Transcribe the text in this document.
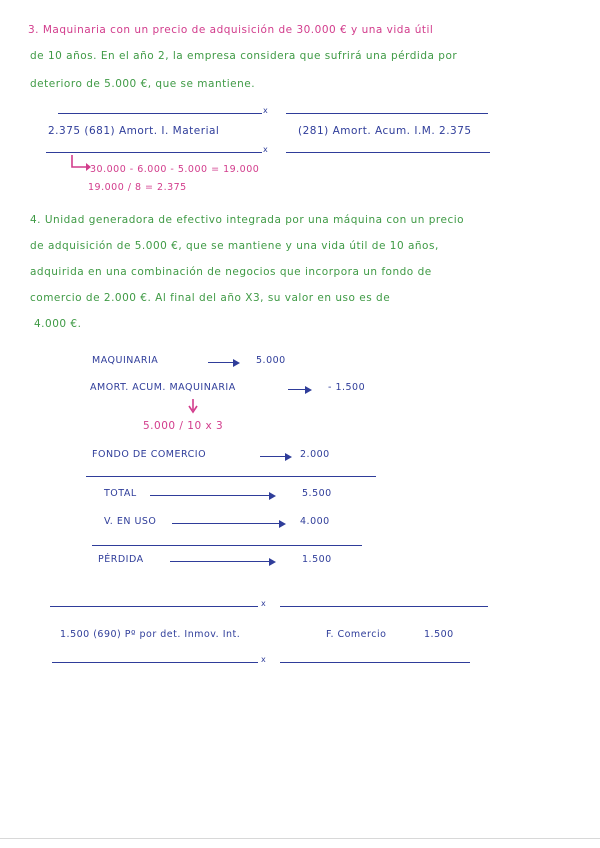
3. Maquinaria con un precio de adquisición de 30.000 € y una vida útil
de 10 años. En el año 2, la empresa considera que sufrirá una pérdida por
deterioro de 5.000 €, que se mantiene.
x
2.375 (681) Amort. I. Material	(281) Amort. Acum. I.M. 2.375
x
30.000 - 6.000 - 5.000 = 19.000
19.000 / 8 = 2.375
4. Unidad generadora de efectivo integrada por una máquina con un precio
de adquisición de 5.000 €, que se mantiene y una vida útil de 10 años,
adquirida en una combinación de negocios que incorpora un fondo de
comercio de 2.000 €. Al final del año X3, su valor en uso es de
4.000 €.
MAQUINARIA	5.000
AMORT. ACUM. MAQUINARIA	- 1.500
5.000 / 10 x 3
FONDO DE COMERCIO	2.000
TOTAL	5.500
V. EN USO	4.000
PÉRDIDA	1.500
x
1.500 (690) Pº por det. Inmov. Int.	F. Comercio	1.500
x
